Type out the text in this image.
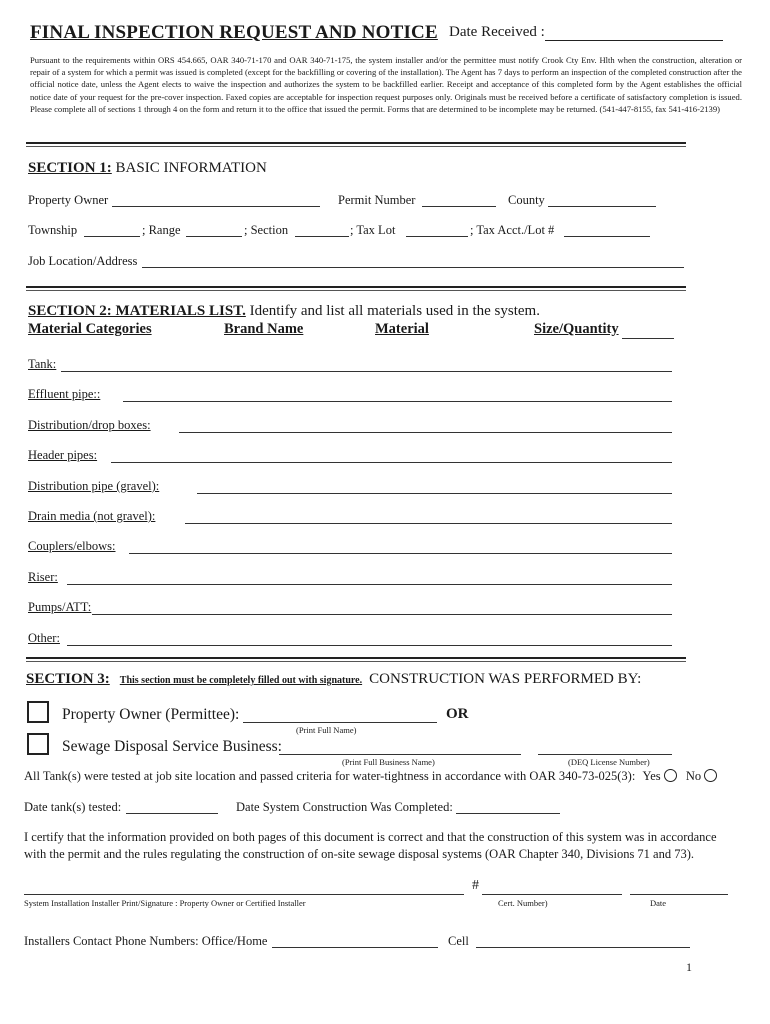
FINAL INSPECTION REQUEST AND NOTICE Date Received :
Pursuant to the requirements within ORS 454.665, OAR 340-71-170 and OAR 340-71-175, the system installer and/or the permittee must notify Crook Cty Env. Hlth when the construction, alteration or repair of a system for which a permit was issued is completed (except for the backfilling or covering of the installation). The Agent has 7 days to perform an inspection of the completed construction after the official notice date, unless the Agent elects to waive the inspection and authorizes the system to be backfilled earlier. Receipt and acceptance of this completed form by the Agent establishes the official notice date of your request for the pre-cover inspection. Faxed copies are acceptable for inspection request purposes only. Originals must be received before a certificate of satisfactory completion is issued. Please complete all of sections 1 through 4 on the form and return it to the office that issued the permit. Forms that are determined to be incomplete may be returned. (541-447-8155, fax 541-416-2139)
SECTION 1: BASIC INFORMATION
Property Owner	Permit Number	County
Township	; Range	; Section	; Tax Lot	; Tax Acct./Lot #
Job Location/Address
SECTION 2: MATERIALS LIST. Identify and list all materials used in the system.
Material Categories	Brand Name	Material	Size/Quantity
Tank:
Effluent pipe::
Distribution/drop boxes:
Header pipes:
Distribution pipe (gravel):
Drain media (not gravel):
Couplers/elbows:
Riser:
Pumps/ATT:
Other:
SECTION 3: This section must be completely filled out with signature. CONSTRUCTION WAS PERFORMED BY:
Property Owner (Permittee):	OR
(Print Full Name)
Sewage Disposal Service Business:
(Print Full Business Name)	(DEQ License Number)
All Tank(s) were tested at job site location and passed criteria for water-tightness in accordance with OAR 340-73-025(3): Yes No
Date tank(s) tested:	Date System Construction Was Completed:
I certify that the information provided on both pages of this document is correct and that the construction of this system was in accordance
with the permit and the rules regulating the construction of on-site sewage disposal systems (OAR Chapter 340, Divisions 71 and 73).
#
System Installation Installer Print/Signature : Property Owner or Certified Installer	Cert. Number)	Date
Installers Contact Phone Numbers: Office/Home	Cell
1
